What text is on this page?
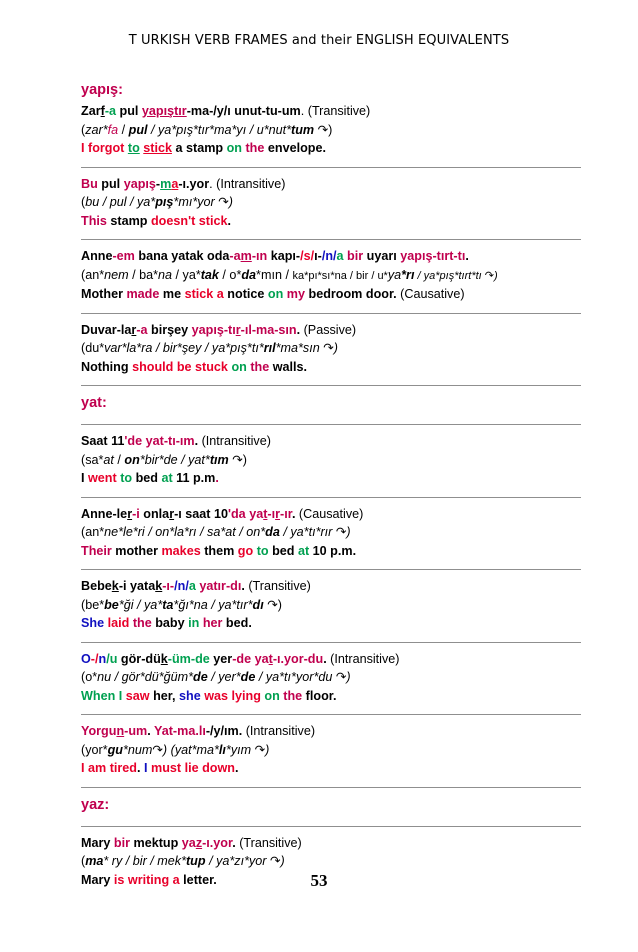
T URKISH VERB FRAMES and their ENGLISH EQUIVALENTS
yapış:
Zarf-a pul yapıştır-ma-/y/ı unut-tu-um. (Transitive)
(zar*fa / pul / ya*pış*tır*ma*yı / u*nut*tum ↷)
I forgot to stick a stamp on the envelope.
Bu pul yapış-ma-ı.yor. (Intransitive)
(bu / pul / ya*pış*mı*yor ↷)
This stamp doesn't stick.
Anne-em bana yatak oda-am-ın kapı-/s/ı-/n/a bir uyarı yapış-tırt-tı.
(an*nem / ba*na / ya*tak / o*da*mın / ka*pı*sı*na / bir / u*ya*rı / ya*pış*tırt*tı ↷)
Mother made me stick a notice on my bedroom door. (Causative)
Duvar-lar-a birşey yapış-tır-ıl-ma-sın. (Passive)
(du*var*la*ra / bir*şey / ya*pış*tı*rıl*ma*sın ↷)
Nothing should be stuck on the walls.
yat:
Saat 11'de yat-tı-ım. (Intransitive)
(sa*at / on*bir*de / yat*tım ↷)
I went to bed at 11 p.m.
Anne-ler-i onlar-ı saat 10'da yat-ır-ır. (Causative)
(an*ne*le*ri / on*la*rı / sa*at / on*da / ya*tı*rır ↷)
Their mother makes them go to bed at 10 p.m.
Bebek-i yatak-ı-/n/a yatır-dı. (Transitive)
(be*be*ği / ya*ta*ğı*na / ya*tır*dı ↷)
She laid the baby in her bed.
O-/n/u gör-dük-üm-de yer-de yat-ı.yor-du. (Intransitive)
(o*nu / gör*dü*ğüm*de / yer*de / ya*tı*yor*du ↷)
When I saw her, she was lying on the floor.
Yorgun-um. Yat-ma.lı-/y/ım. (Intransitive)
(yor*gu*num↷) (yat*ma*lı*yım ↷)
I am tired. I must lie down.
yaz:
Mary bir mektup yaz-ı.yor. (Transitive)
(ma* ry / bir / mek*tup / ya*zı*yor ↷)
Mary is writing a letter.	53
